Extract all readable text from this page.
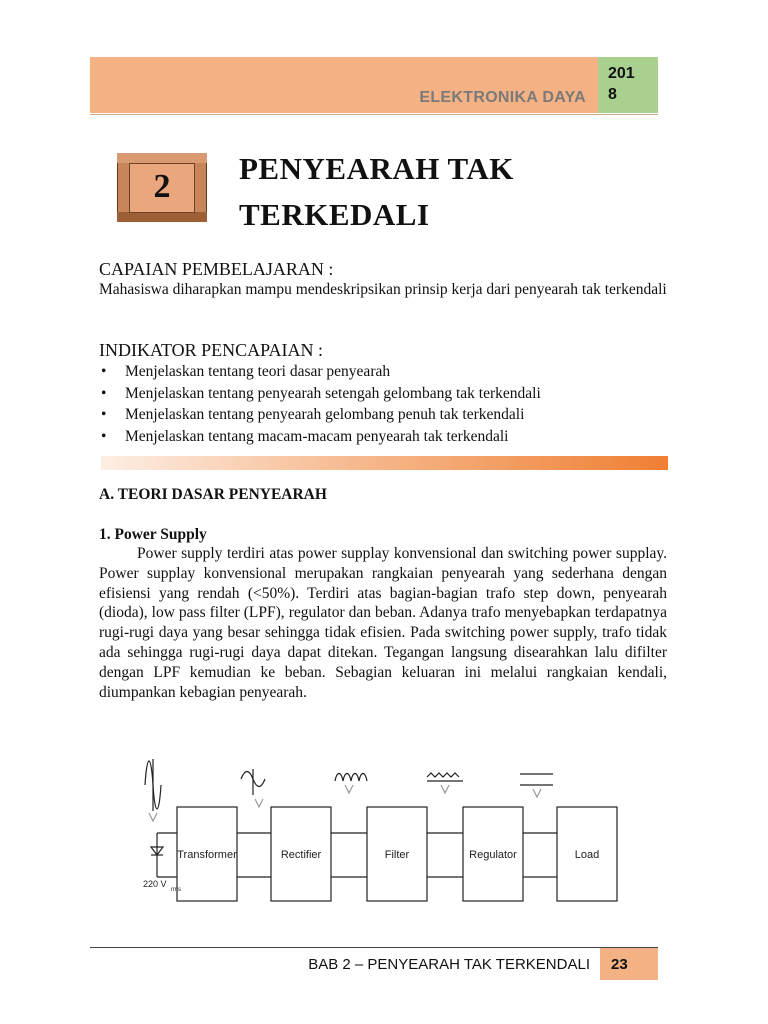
ELEKTRONIKA DAYA
201
8
2	PENYEARAH TAK
TERKEDALI
CAPAIAN PEMBELAJARAN :
Mahasiswa diharapkan mampu mendeskripsikan prinsip kerja dari penyearah tak terkendali
INDIKATOR PENCAPAIAN :
• Menjelaskan tentang teori dasar penyearah
• Menjelaskan tentang penyearah setengah gelombang tak terkendali
• Menjelaskan tentang penyearah gelombang penuh tak terkendali
• Menjelaskan tentang macam-macam penyearah tak terkendali
A. TEORI DASAR PENYEARAH
1. Power Supply
Power supply terdiri atas power supplay konvensional dan switching power supplay. Power supplay konvensional merupakan rangkaian penyearah yang sederhana dengan efisiensi yang rendah (<50%). Terdiri atas bagian-bagian trafo step down, penyearah (dioda), low pass filter (LPF), regulator dan beban. Adanya trafo menyebapkan terdapatnya rugi-rugi daya yang besar sehingga tidak efisien. Pada switching power supply, trafo tidak ada sehingga rugi-rugi daya dapat ditekan. Tegangan langsung disearahkan lalu difilter dengan LPF kemudian ke beban. Sebagian keluaran ini melalui rangkaian kendali, diumpankan kebagian penyearah.
Transformer	Rectifier	Filter	Regulator	Load
220 V
rms
BAB 2 – PENYEARAH TAK TERKENDALI 23
